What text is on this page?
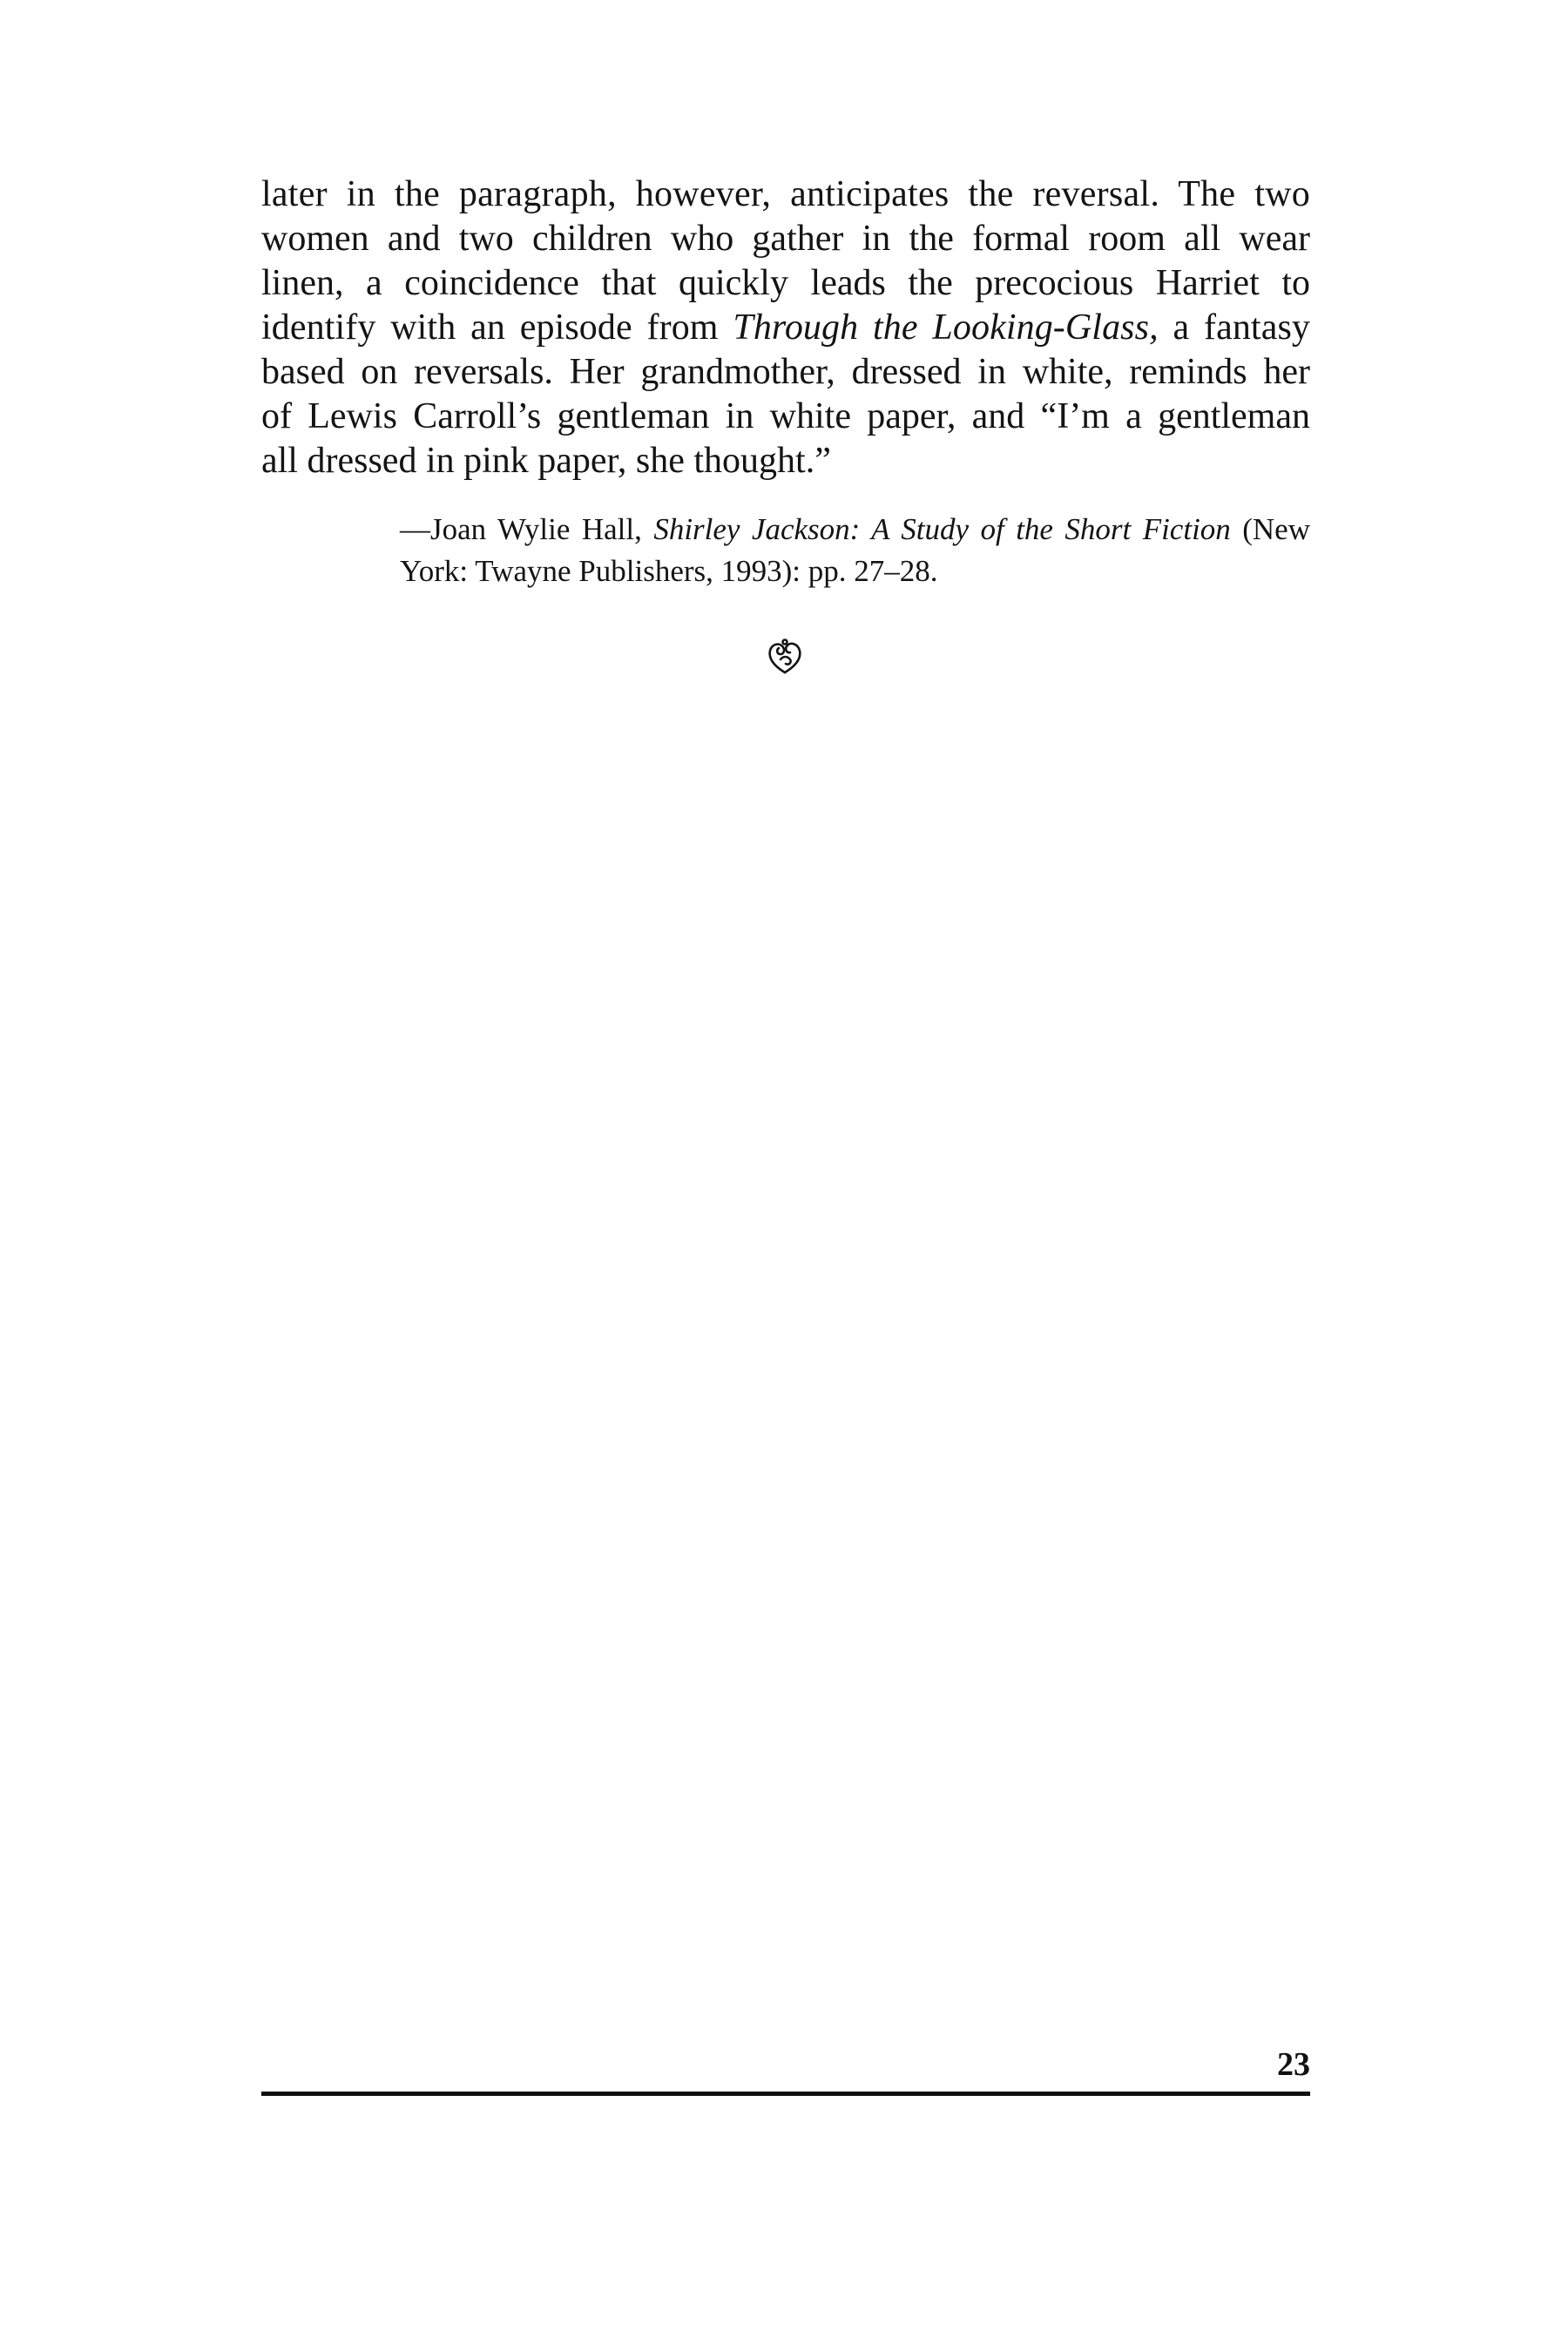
later in the paragraph, however, anticipates the reversal. The two
women and two children who gather in the formal room all wear
linen, a coincidence that quickly leads the precocious Harriet to
identify with an episode from Through the Looking-Glass, a fantasy
based on reversals. Her grandmother, dressed in white, reminds her
of Lewis Carroll’s gentleman in white paper, and “I’m a gentleman
all dressed in pink paper, she thought.”
—Joan Wylie Hall, Shirley Jackson: A Study of the Short Fiction (New
York: Twayne Publishers, 1993): pp. 27–28.
23
